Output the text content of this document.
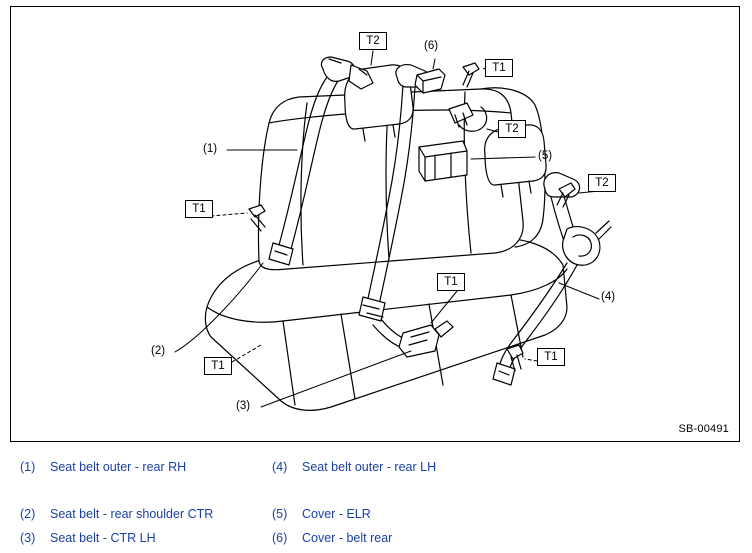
T2
T1
T2
T2
T1
T1
T1
T1
(1)
(2)
(3)
(4)
(5)
(6)
SB-00491
(1) Seat belt outer - rear RH
(2) Seat belt - rear shoulder CTR
(3) Seat belt - CTR LH
(4) Seat belt outer - rear LH
(5) Cover - ELR
(6) Cover - belt rear
